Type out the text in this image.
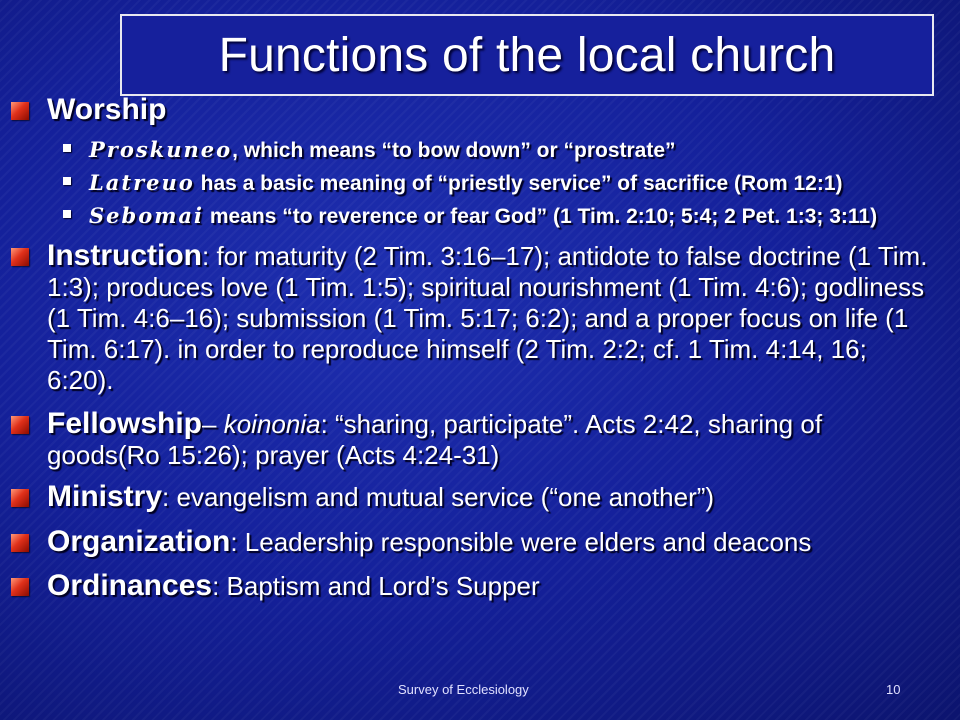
Functions of the local church
Worship
Proskuneo, which means “to bow down” or “prostrate”
Latreuo has a basic meaning of “priestly service” of sacrifice (Rom 12:1)
Sebomai means “to reverence or fear God” (1 Tim. 2:10; 5:4; 2 Pet. 1:3; 3:11)
Instruction: for maturity (2 Tim. 3:16–17); antidote to false doctrine (1 Tim. 1:3); produces love (1 Tim. 1:5); spiritual nourishment (1 Tim. 4:6); godliness (1 Tim. 4:6–16); submission (1 Tim. 5:17; 6:2); and a proper focus on life (1 Tim. 6:17). in order to reproduce himself (2 Tim. 2:2; cf. 1 Tim. 4:14, 16; 6:20).
Fellowship– koinonia: “sharing, participate”. Acts 2:42, sharing of goods(Ro 15:26); prayer (Acts 4:24-31)
Ministry: evangelism and mutual service (“one another”)
Organization: Leadership responsible were elders and deacons
Ordinances: Baptism and Lord’s Supper
Survey of Ecclesiology	10
